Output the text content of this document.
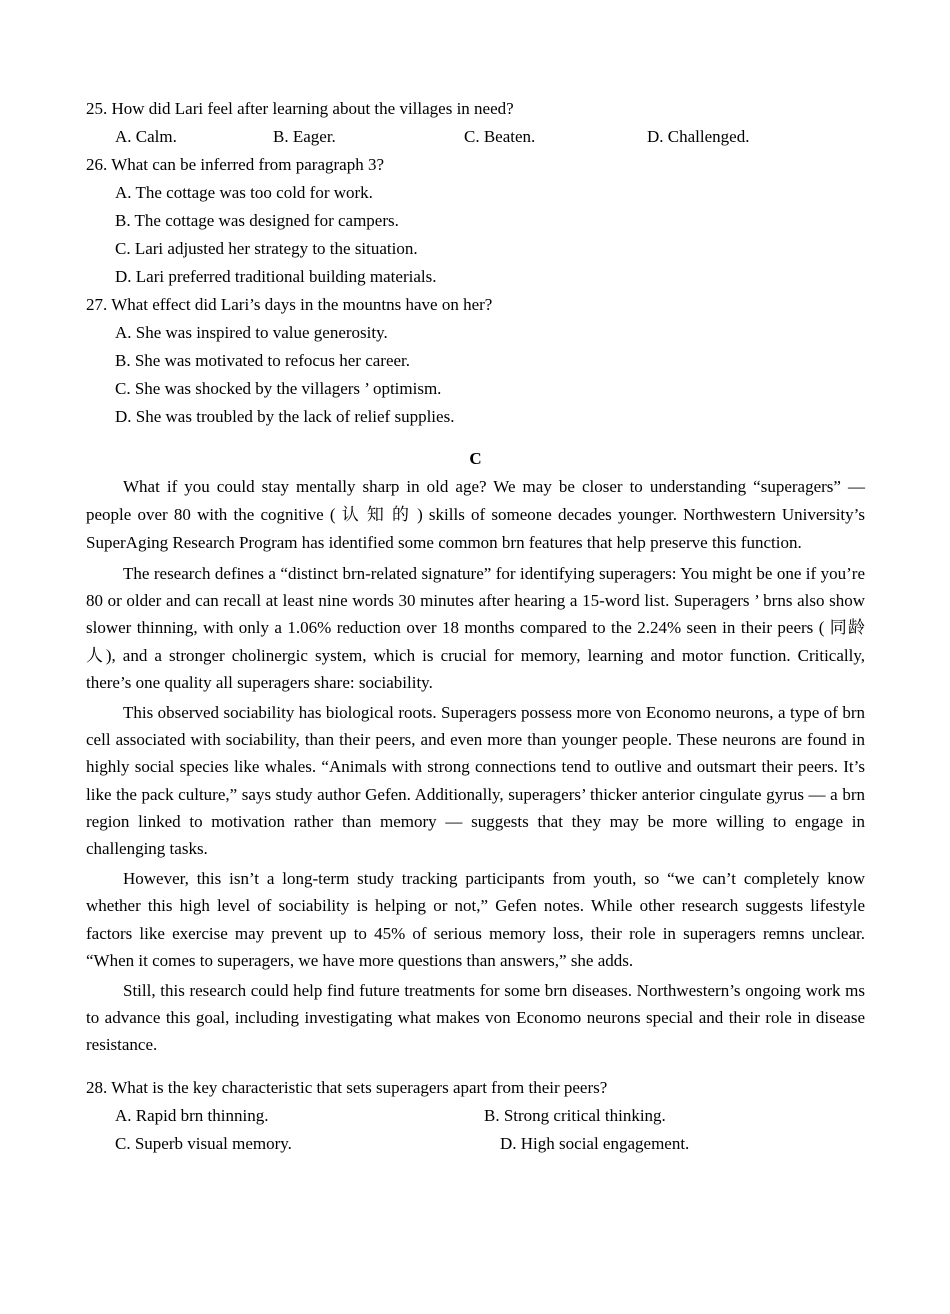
25. How did Lari feel after learning about the villages in need?
A. Calm.	B. Eager.	C. Beaten.	D. Challenged.
26. What can be inferred from paragraph 3?
A. The cottage was too cold for work.
B. The cottage was designed for campers.
C. Lari adjusted her strategy to the situation.
D. Lari preferred traditional building materials.
27. What effect did Lari’s days in the mountns have on her?
A. She was inspired to value generosity.
B. She was motivated to refocus her career.
C. She was shocked by the villagers ’ optimism.
D. She was troubled by the lack of relief supplies.
C

What if you could stay mentally sharp in old age? We may be closer to understanding “superagers” — people over 80 with the cognitive ( 认 知 的 ) skills of someone decades younger. Northwestern University’s SuperAging Research Program has identified some common brn features that help preserve this function.

The research defines a “distinct brn-related signature” for identifying superagers: You might be one if you’re 80 or older and can recall at least nine words 30 minutes after hearing a 15-word list. Superagers ’ brns also show slower thinning, with only a 1.06% reduction over 18 months compared to the 2.24% seen in their peers ( 同龄人), and a stronger cholinergic system, which is crucial for memory, learning and motor function. Critically, there’s one quality all superagers share: sociability.

This observed sociability has biological roots. Superagers possess more von Economo neurons, a type of brn cell associated with sociability, than their peers, and even more than younger people. These neurons are found in highly social species like whales. “Animals with strong connections tend to outlive and outsmart their peers. It’s like the pack culture,” says study author Gefen. Additionally, superagers’ thicker anterior cingulate gyrus — a brn region linked to motivation rather than memory — suggests that they may be more willing to engage in challenging tasks.

However, this isn’t a long-term study tracking participants from youth, so “we can’t completely know whether this high level of sociability is helping or not,” Gefen notes. While other research suggests lifestyle factors like exercise may prevent up to 45% of serious memory loss, their role in superagers remns unclear. “When it comes to superagers, we have more questions than answers,” she adds.

Still, this research could help find future treatments for some brn diseases. Northwestern’s ongoing work ms to advance this goal, including investigating what makes von Economo neurons special and their role in disease resistance.

28. What is the key characteristic that sets superagers apart from their peers?
A. Rapid brn thinning.	B. Strong critical thinking.
C. Superb visual memory.	D. High social engagement.
